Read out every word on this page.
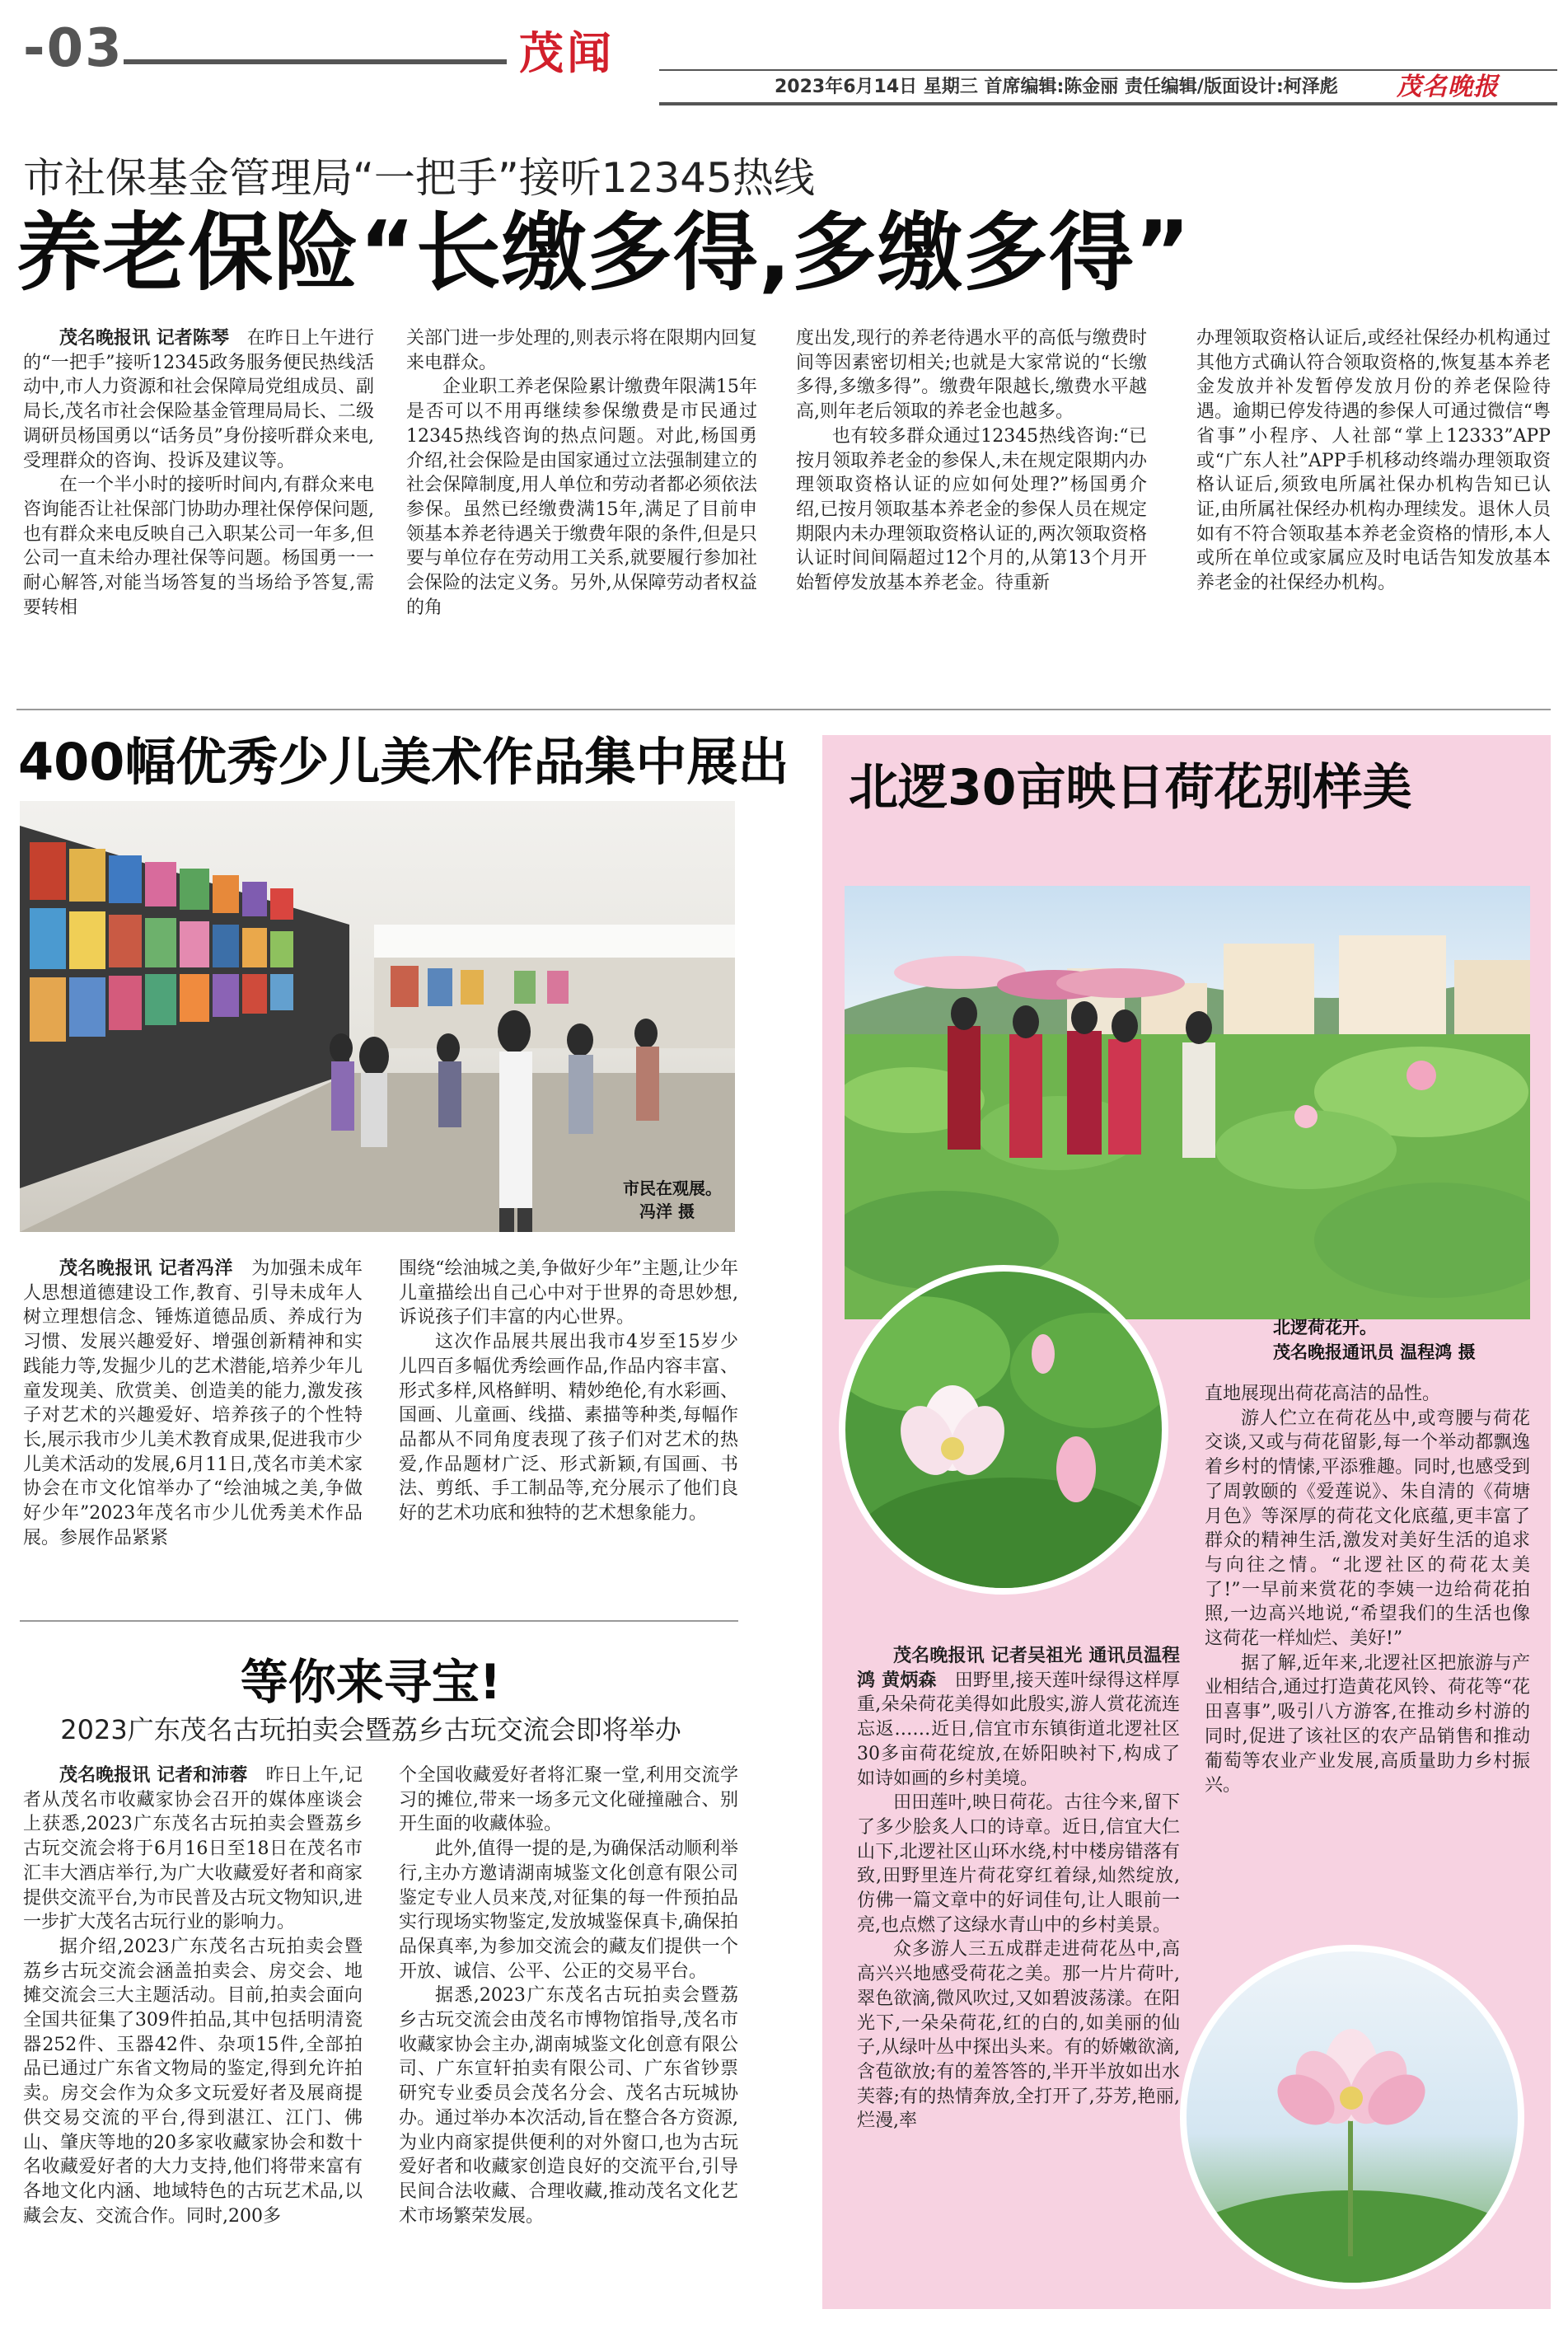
-03	茂闻
2023年6月14日 星期三 首席编辑:陈金丽 责任编辑/版面设计:柯泽彪 茂名晚报
市社保基金管理局“一把手”接听12345热线
养老保险“长缴多得,多缴多得”

茂名晚报讯 记者陈琴　 在昨日上午进行的“一把手”接听12345政务服务便民热线活动中,市人力资源和社会保障局党组成员、副局长,茂名市社会保险基金管理局局长、二级调研员杨国勇以“话务员”身份接听群众来电,受理群众的咨询、投诉及建议等。

在一个半小时的接听时间内,有群众来电咨询能否让社保部门协助办理社保停保问题,也有群众来电反映自己入职某公司一年多,但公司一直未给办理社保等问题。杨国勇一一耐心解答,对能当场答复的当场给予答复,需要转相

关部门进一步处理的,则表示将在限期内回复来电群众。

企业职工养老保险累计缴费年限满15年是否可以不用再继续参保缴费是市民通过12345热线咨询的热点问题。对此,杨国勇介绍,社会保险是由国家通过立法强制建立的社会保障制度,用人单位和劳动者都必须依法参保。虽然已经缴费满15年,满足了目前申领基本养老待遇关于缴费年限的条件,但是只要与单位存在劳动用工关系,就要履行参加社会保险的法定义务。另外,从保障劳动者权益的角

度出发,现行的养老待遇水平的高低与缴费时间等因素密切相关;也就是大家常说的“长缴多得,多缴多得”。缴费年限越长,缴费水平越高,则年老后领取的养老金也越多。

也有较多群众通过12345热线咨询:“已按月领取养老金的参保人,未在规定限期内办理领取资格认证的应如何处理?”杨国勇介绍,已按月领取基本养老金的参保人员在规定期限内未办理领取资格认证的,两次领取资格认证时间间隔超过12个月的,从第13个月开始暂停发放基本养老金。待重新

办理领取资格认证后,或经社保经办机构通过其他方式确认符合领取资格的,恢复基本养老金发放并补发暂停发放月份的养老保险待遇。逾期已停发待遇的参保人可通过微信“粤省事”小程序、人社部“掌上12333”APP或“广东人社”APP手机移动终端办理领取资格认证后,须致电所属社保办机构告知已认证,由所属社保经办机构办理续发。退休人员如有不符合领取基本养老金资格的情形,本人或所在单位或家属应及时电话告知发放基本养老金的社保经办机构。

400幅优秀少儿美术作品集中展出
市民在观展。
冯洋 摄

茂名晚报讯 记者冯洋　 为加强未成年人思想道德建设工作,教育、引导未成年人树立理想信念、锤炼道德品质、养成行为习惯、发展兴趣爱好、增强创新精神和实践能力等,发掘少儿的艺术潜能,培养少年儿童发现美、欣赏美、创造美的能力,激发孩子对艺术的兴趣爱好、培养孩子的个性特长,展示我市少儿美术教育成果,促进我市少儿美术活动的发展,6月11日,茂名市美术家协会在市文化馆举办了“绘油城之美,争做好少年”2023年茂名市少儿优秀美术作品展。参展作品紧紧

围绕“绘油城之美,争做好少年”主题,让少年儿童描绘出自己心中对于世界的奇思妙想,诉说孩子们丰富的内心世界。

这次作品展共展出我市4岁至15岁少儿四百多幅优秀绘画作品,作品内容丰富、形式多样,风格鲜明、精妙绝伦,有水彩画、国画、儿童画、线描、素描等种类,每幅作品都从不同角度表现了孩子们对艺术的热爱,作品题材广泛、形式新颖,有国画、书法、剪纸、手工制品等,充分展示了他们良好的艺术功底和独特的艺术想象能力。

等你来寻宝!
2023广东茂名古玩拍卖会暨荔乡古玩交流会即将举办

茂名晚报讯 记者和沛蓉　 昨日上午,记者从茂名市收藏家协会召开的媒体座谈会上获悉,2023广东茂名古玩拍卖会暨荔乡古玩交流会将于6月16日至18日在茂名市汇丰大酒店举行,为广大收藏爱好者和商家提供交流平台,为市民普及古玩文物知识,进一步扩大茂名古玩行业的影响力。

据介绍,2023广东茂名古玩拍卖会暨荔乡古玩交流会涵盖拍卖会、房交会、地摊交流会三大主题活动。目前,拍卖会面向全国共征集了309件拍品,其中包括明清瓷器252件、玉器42件、杂项15件,全部拍品已通过广东省文物局的鉴定,得到允许拍卖。房交会作为众多文玩爱好者及展商提供交易交流的平台,得到湛江、江门、佛山、肇庆等地的20多家收藏家协会和数十名收藏爱好者的大力支持,他们将带来富有各地文化内涵、地域特色的古玩艺术品,以藏会友、交流合作。同时,200多

个全国收藏爱好者将汇聚一堂,利用交流学习的摊位,带来一场多元文化碰撞融合、别开生面的收藏体验。

此外,值得一提的是,为确保活动顺利举行,主办方邀请湖南城鉴文化创意有限公司鉴定专业人员来茂,对征集的每一件预拍品实行现场实物鉴定,发放城鉴保真卡,确保拍品保真率,为参加交流会的藏友们提供一个开放、诚信、公平、公正的交易平台。

据悉,2023广东茂名古玩拍卖会暨荔乡古玩交流会由茂名市博物馆指导,茂名市收藏家协会主办,湖南城鉴文化创意有限公司、广东宣轩拍卖有限公司、广东省钞票研究专业委员会茂名分会、茂名古玩城协办。通过举办本次活动,旨在整合各方资源,为业内商家提供便利的对外窗口,也为古玩爱好者和收藏家创造良好的交流平台,引导民间合法收藏、合理收藏,推动茂名文化艺术市场繁荣发展。

北逻30亩映日荷花别样美
北逻荷花开。
茂名晚报通讯员 温程鸿 摄

茂名晚报讯 记者吴祖光 通讯员温程鸿 黄炳森　 田野里,接天莲叶绿得这样厚重,朵朵荷花美得如此殷实,游人赏花流连忘返……近日,信宜市东镇街道北逻社区30多亩荷花绽放,在娇阳映衬下,构成了如诗如画的乡村美境。

田田莲叶,映日荷花。古往今来,留下了多少脍炙人口的诗章。近日,信宜大仁山下,北逻社区山环水绕,村中楼房错落有致,田野里连片荷花穿红着绿,灿然绽放,仿佛一篇文章中的好词佳句,让人眼前一亮,也点燃了这绿水青山中的乡村美景。

众多游人三五成群走进荷花丛中,高高兴兴地感受荷花之美。那一片片荷叶,翠色欲滴,微风吹过,又如碧波荡漾。在阳光下,一朵朵荷花,红的白的,如美丽的仙子,从绿叶丛中探出头来。有的娇嫩欲滴,含苞欲放;有的羞答答的,半开半放如出水芙蓉;有的热情奔放,全打开了,芬芳,艳丽,烂漫,率

直地展现出荷花高洁的品性。

游人伫立在荷花丛中,或弯腰与荷花交谈,又或与荷花留影,每一个举动都飘逸着乡村的情愫,平添雅趣。同时,也感受到了周敦颐的《爱莲说》、朱自清的《荷塘月色》等深厚的荷花文化底蕴,更丰富了群众的精神生活,激发对美好生活的追求与向往之情。“北逻社区的荷花太美了!”一早前来赏花的李姨一边给荷花拍照,一边高兴地说,“希望我们的生活也像这荷花一样灿烂、美好!”

据了解,近年来,北逻社区把旅游与产业相结合,通过打造黄花风铃、荷花等“花田喜事”,吸引八方游客,在推动乡村游的同时,促进了该社区的农产品销售和推动葡萄等农业产业发展,高质量助力乡村振兴。
